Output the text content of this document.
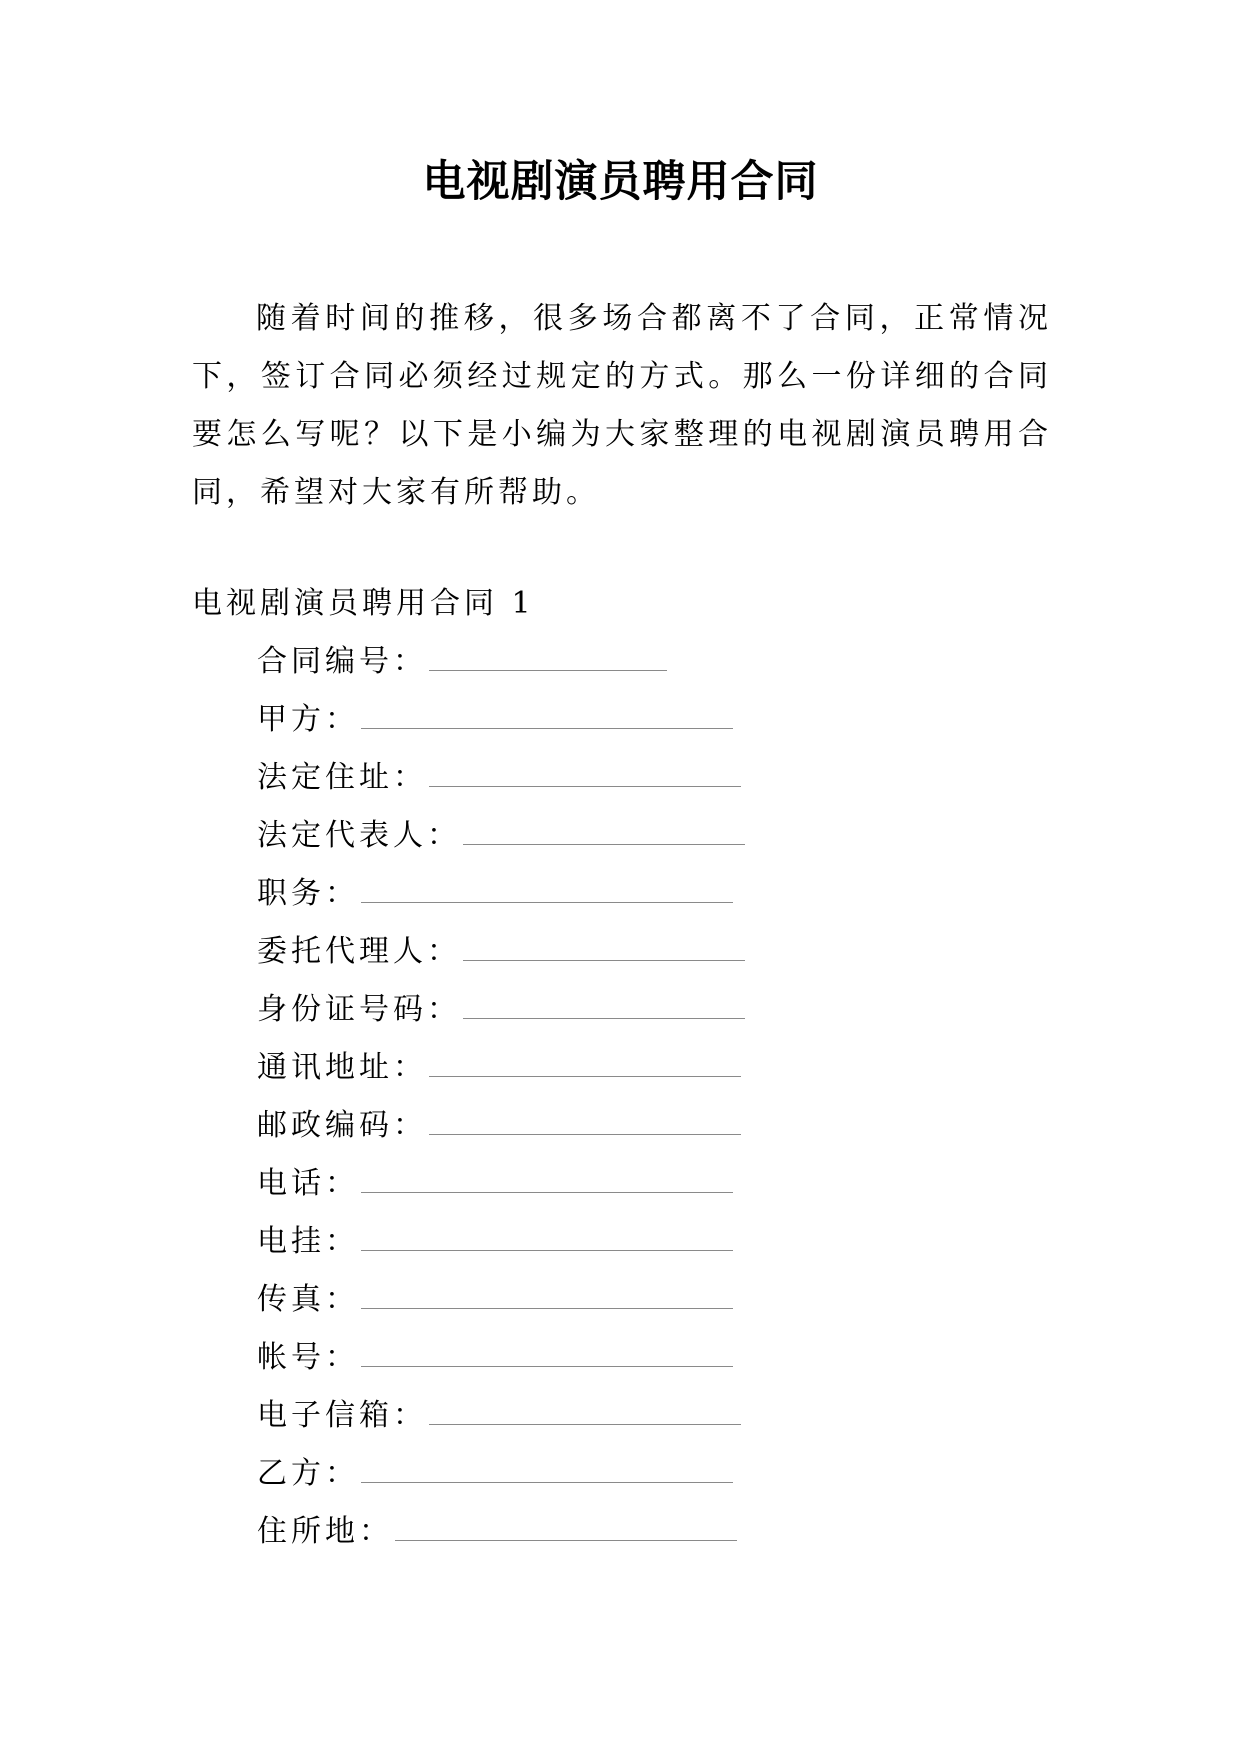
电视剧演员聘用合同

随着时间的推移，很多场合都离不了合同，正常情况下，签订合同必须经过规定的方式。那么一份详细的合同要怎么写呢？以下是小编为大家整理的电视剧演员聘用合同，希望对大家有所帮助。

电视剧演员聘用合同 1
合同编号：
甲方：
法定住址：
法定代表人：
职务：
委托代理人：
身份证号码：
通讯地址：
邮政编码：
电话：
电挂：
传真：
帐号：
电子信箱：
乙方：
住所地：
